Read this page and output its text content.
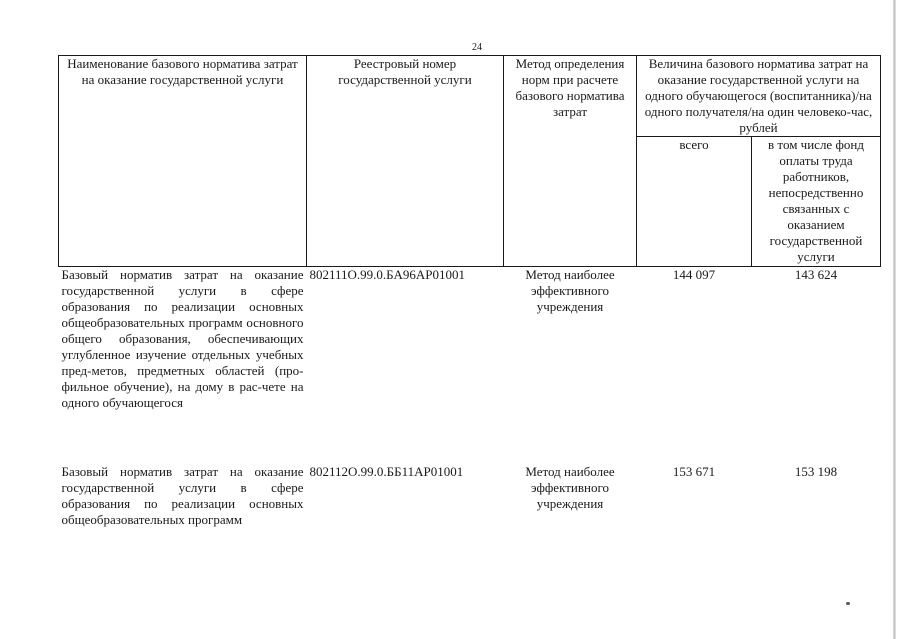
24
Наименование базового норматива затрат на оказание государственной услуги	Реестровый номер государственной услуги	Метод определения норм при расчете базового норматива затрат	Величина базового норматива затрат на оказание государственной услуги на одного обучающегося (воспитанника)/на одного получателя/на один человеко-час, рублей	
			всего	в том числе фонд оплаты труда работников, непосредственно связанных с оказанием государственной услуги
Базовый норматив затрат на оказание государственной услуги в сфере образования по реализации основных общеобразовательных программ основного общего образования, обеспечивающих углубленное изучение отдельных учебных пред-метов, предметных областей (про-фильное обучение), на дому в рас-чете на одного обучающегося	802111О.99.0.БА96АР01001	Метод наиболее эффективного учреждения	144 097	143 624
Базовый норматив затрат на оказание государственной услуги в сфере образования по реализации основных общеобразовательных программ	802112О.99.0.ББ11АР01001	Метод наиболее эффективного учреждения	153 671	153 198
